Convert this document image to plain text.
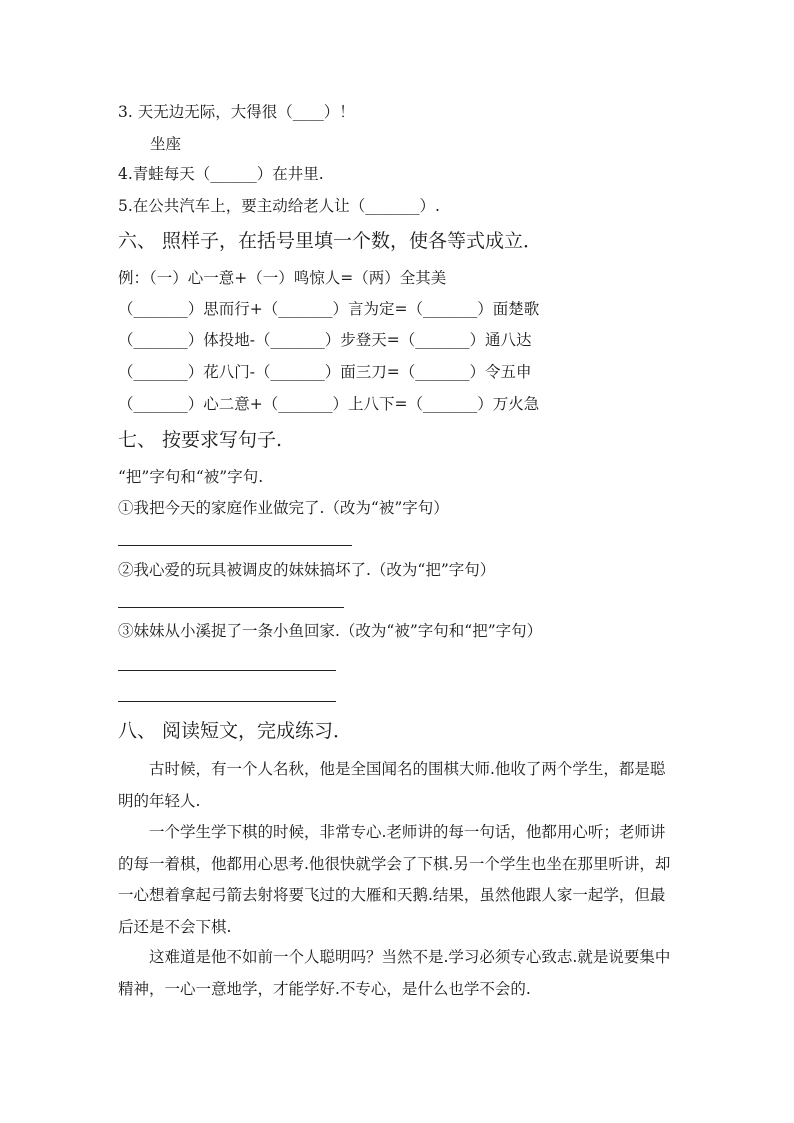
3. 天无边无际，大得很（____）！
坐座
4.青蛙每天（______）在井里.
5.在公共汽车上，要主动给老人让（_______）.
六、 照样子，在括号里填一个数，使各等式成立．
例：（一）心一意+（一）鸣惊人=（两）全其美
（_______）思而行+（_______）言为定=（_______）面楚歌
（_______）体投地-（_______）步登天=（_______）通八达
（_______）花八门-（_______）面三刀=（_______）令五申
（_______）心二意+（_______）上八下=（_______）万火急
七、 按要求写句子.
“把”字句和“被”字句.
①我把今天的家庭作业做完了.（改为“被”字句）
②我心爱的玩具被调皮的妹妹搞坏了.（改为“把”字句）
③妹妹从小溪捉了一条小鱼回家.（改为“被”字句和“把”字句）
八、 阅读短文，完成练习．
古时候，有一个人名秋，他是全国闻名的围棋大师.他收了两个学生，都是聪明的年轻人.
一个学生学下棋的时候，非常专心.老师讲的每一句话，他都用心听；老师讲的每一着棋，他都用心思考.他很快就学会了下棋.另一个学生也坐在那里听讲，却一心想着拿起弓箭去射将要飞过的大雁和天鹅.结果，虽然他跟人家一起学，但最后还是不会下棋.
这难道是他不如前一个人聪明吗？当然不是.学习必须专心致志.就是说要集中精神，一心一意地学，才能学好.不专心，是什么也学不会的.
